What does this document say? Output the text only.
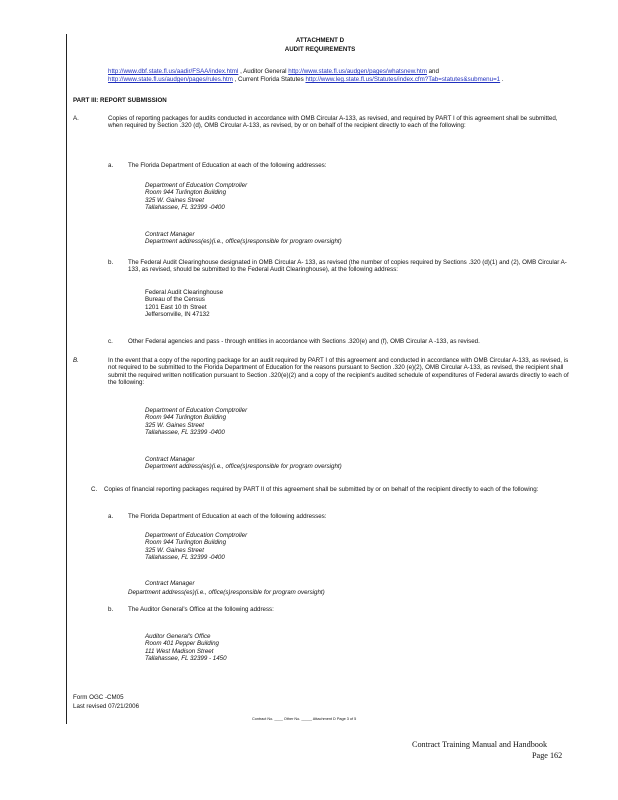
ATTACHMENT D
AUDIT REQUIREMENTS
http://www.dbf.state.fl.us/aadir/FSAA/index.html , Auditor General http://www.state.fl.us/audgen/pages/whatsnew.htm and
http://www.state.fl.us/audgen/pages/rules.htm , Current Florida Statutes http://www.leg.state.fl.us/Statutes/index.cfm?Tab=statutes&submenu=1 .
PART III: REPORT SUBMISSION
A.	Copies of reporting packages for audits conducted in accordance with OMB Circular A-133, as revised, and required by PART I of this agreement shall be submitted, when required by Section .320 (d), OMB Circular A-133, as revised, by or on behalf of the recipient directly to each of the following:
a. The Florida Department of Education at each of the following addresses:
Department of Education Comptroller
Room 944 Turlington Building
325 W. Gaines Street
Tallahassee, FL 32399 -0400
Contract Manager
Department address(es)(i.e., office(s)responsible for program oversight)
b. The Federal Audit Clearinghouse designated in OMB Circular A- 133, as revised (the number of copies required by Sections .320 (d)(1) and (2), OMB Circular A-133, as revised, should be submitted to the Federal Audit Clearinghouse), at the following address:
Federal Audit Clearinghouse
Bureau of the Census
1201 East 10 th Street
Jeffersonville, IN 47132
c. Other Federal agencies and pass - through entities in accordance with Sections .320(e) and (f), OMB Circular A -133, as revised.
B.	In the event that a copy of the reporting package for an audit required by PART I of this agreement and conducted in accordance with OMB Circular A-133, as revised, is not required to be submitted to the Florida Department of Education for the reasons pursuant to Section .320 (e)(2), OMB Circular A-133, as revised, the recipient shall submit the required written notification pursuant to Section .320(e)(2) and a copy of the recipient's audited schedule of expenditures of Federal awards directly to each of the following:
Department of Education Comptroller
Room 944 Turlington Building
325 W. Gaines Street
Tallahassee, FL 32399 -0400
Contract Manager
Department address(es)(i.e., office(s)responsible for program oversight)
C. Copies of financial reporting packages required by PART II of this agreement shall be submitted by or on behalf of the recipient directly to each of the following:
a. The Florida Department of Education at each of the following addresses:
Department of Education Comptroller
Room 944 Turlington Building
325 W. Gaines Street
Tallahassee, FL 32399 -0400
Contract Manager
Department address(es)(i.e., office(s)responsible for program oversight)
b. The Auditor General's Office at the following address:
Auditor General's Office
Room 401 Pepper Building
111 West Madison Street
Tallahassee, FL 32399 - 1450
Form OGC -CM05
Last revised 07/21/2006
Contract No. ____ Other No. _____ Attachment D Page 3 of 5
Contract Training Manual and Handbook
Page 162
